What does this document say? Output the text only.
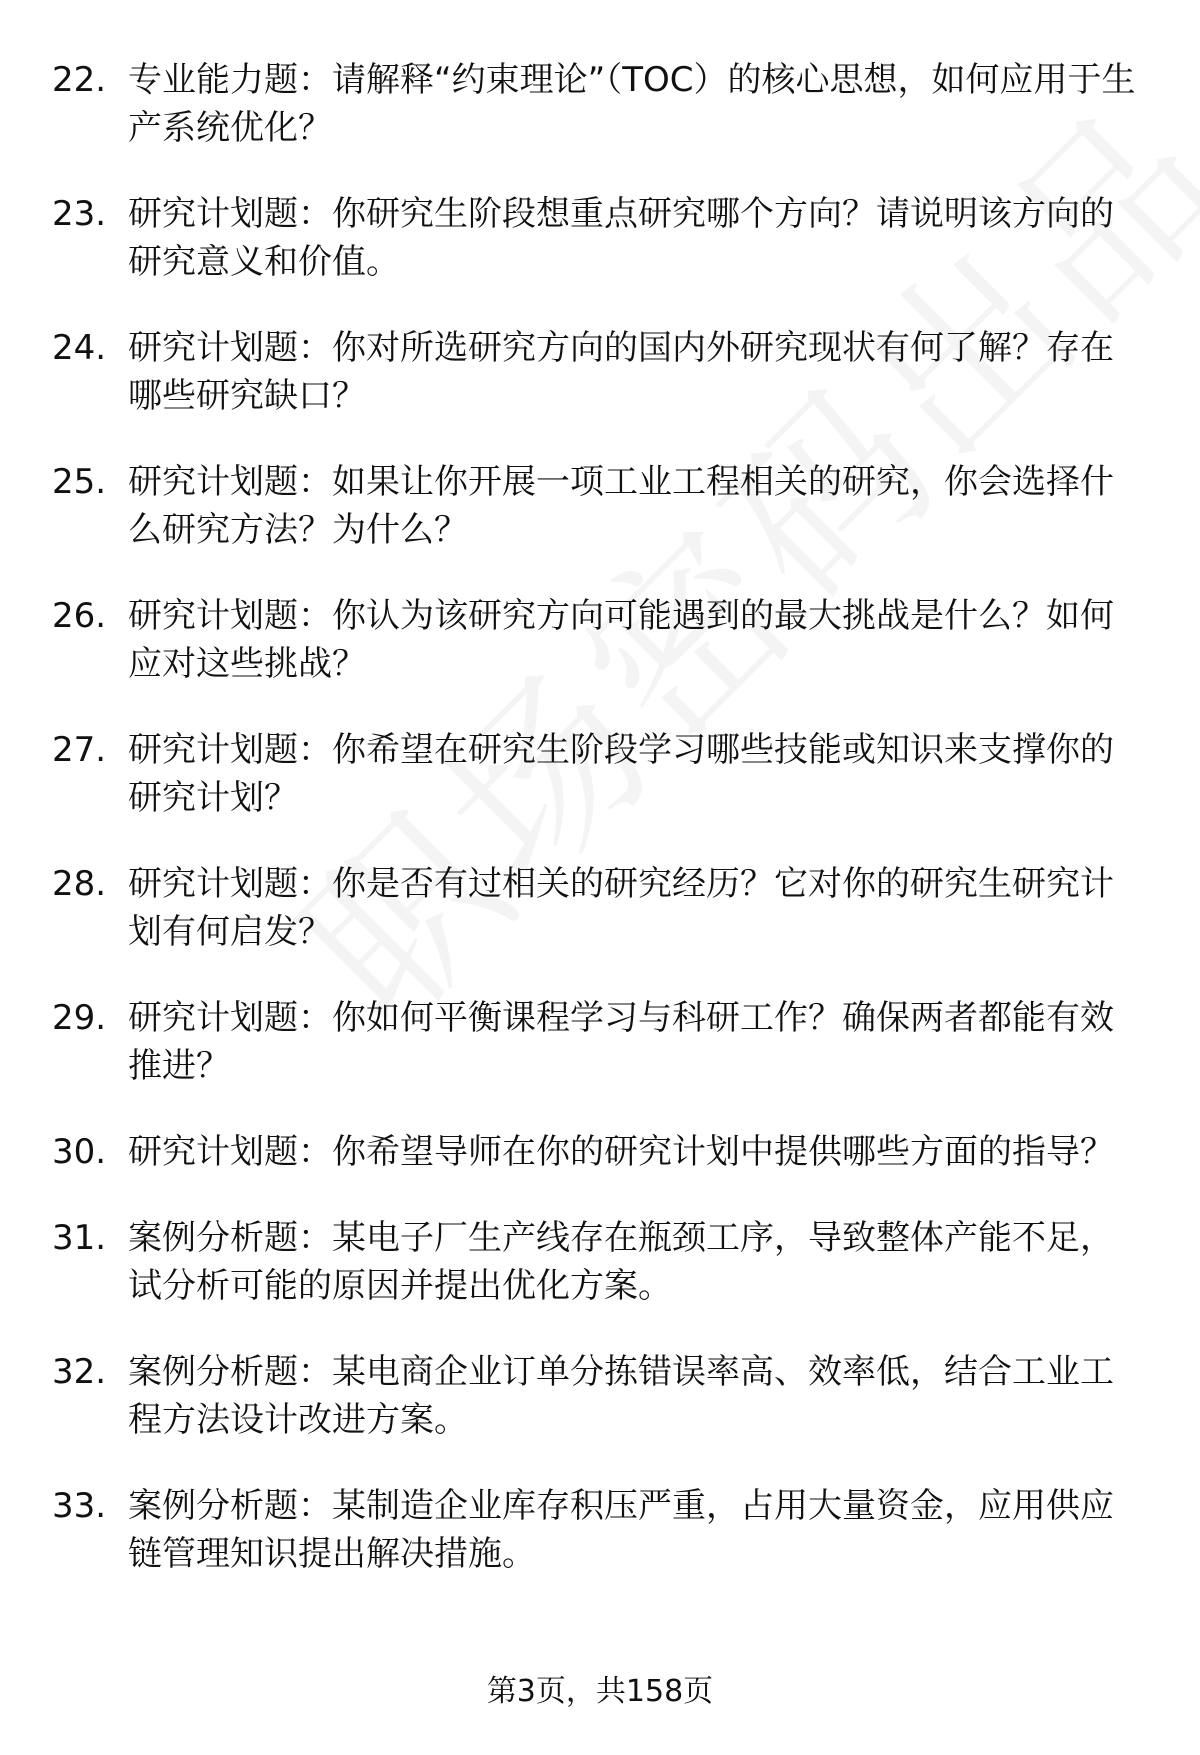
22. 专业能力题：请解释“约束理论”（TOC）的核心思想，如何应用于生产系统优化？
23. 研究计划题：你研究生阶段想重点研究哪个方向？请说明该方向的研究意义和价值。
24. 研究计划题：你对所选研究方向的国内外研究现状有何了解？存在哪些研究缺口？
25. 研究计划题：如果让你开展一项工业工程相关的研究，你会选择什么研究方法？为什么？
26. 研究计划题：你认为该研究方向可能遇到的最大挑战是什么？如何应对这些挑战？
27. 研究计划题：你希望在研究生阶段学习哪些技能或知识来支撑你的研究计划？
28. 研究计划题：你是否有过相关的研究经历？它对你的研究生研究计划有何启发？
29. 研究计划题：你如何平衡课程学习与科研工作？确保两者都能有效推进？
30. 研究计划题：你希望导师在你的研究计划中提供哪些方面的指导？
31. 案例分析题：某电子厂生产线存在瓶颈工序，导致整体产能不足，试分析可能的原因并提出优化方案。
32. 案例分析题：某电商企业订单分拣错误率高、效率低，结合工业工程方法设计改进方案。
33. 案例分析题：某制造企业库存积压严重，占用大量资金，应用供应链管理知识提出解决措施。
第3页，共158页
